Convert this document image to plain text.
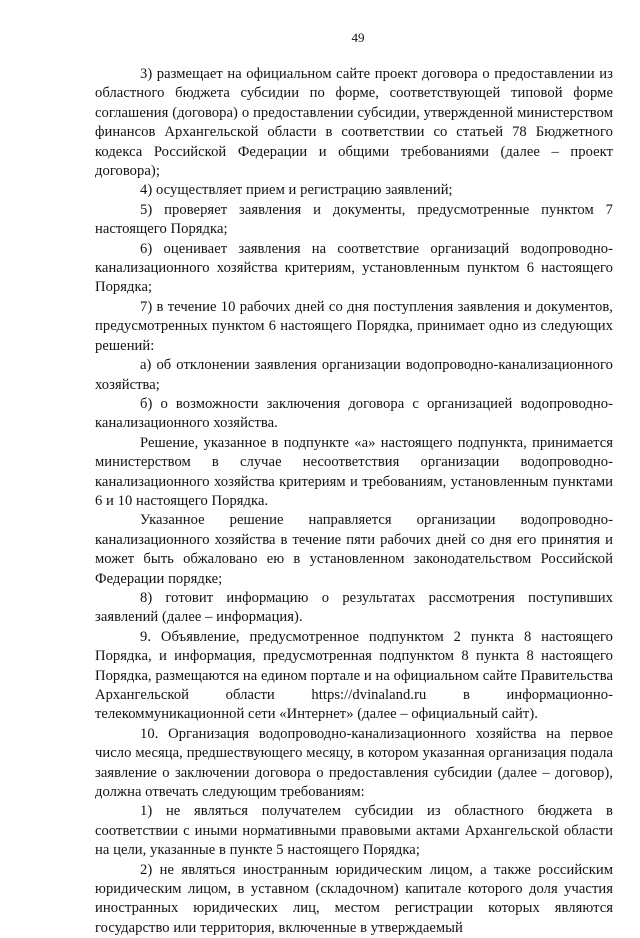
49

3) размещает на официальном сайте проект договора о предоставлении из областного бюджета субсидии по форме, соответствующей типовой форме соглашения (договора) о предоставлении субсидии, утвержденной министерством финансов Архангельской области в соответствии со статьей 78 Бюджетного кодекса Российской Федерации и общими требованиями (далее – проект договора);

4) осуществляет прием и регистрацию заявлений;

5) проверяет заявления и документы, предусмотренные пунктом 7 настоящего Порядка;

6) оценивает заявления на соответствие организаций водопроводно-канализационного хозяйства критериям, установленным пунктом 6 настоящего Порядка;

7) в течение 10 рабочих дней со дня поступления заявления и документов, предусмотренных пунктом 6 настоящего Порядка, принимает одно из следующих решений:

а) об отклонении заявления организации водопроводно-канализационного хозяйства;

б) о возможности заключения договора с организацией водопроводно-канализационного хозяйства.

Решение, указанное в подпункте «а» настоящего подпункта, принимается министерством в случае несоответствия организации водопроводно-канализационного хозяйства критериям и требованиям, установленным пунктами 6 и 10 настоящего Порядка.

Указанное решение направляется организации водопроводно-канализационного хозяйства в течение пяти рабочих дней со дня его принятия и может быть обжаловано ею в установленном законодательством Российской Федерации порядке;

8) готовит информацию о результатах рассмотрения поступивших заявлений (далее – информация).

9. Объявление, предусмотренное подпунктом 2 пункта 8 настоящего Порядка, и информация, предусмотренная подпунктом 8 пункта 8 настоящего Порядка, размещаются на едином портале и на официальном сайте Правительства Архангельской области https://dvinaland.ru в информационно-телекоммуникационной сети «Интернет» (далее – официальный сайт).

10. Организация водопроводно-канализационного хозяйства на первое число месяца, предшествующего месяцу, в котором указанная организация подала заявление о заключении договора о предоставления субсидии (далее – договор), должна отвечать следующим требованиям:

1) не являться получателем субсидии из областного бюджета в соответствии с иными нормативными правовыми актами Архангельской области на цели, указанные в пункте 5 настоящего Порядка;

2) не являться иностранным юридическим лицом, а также российским юридическим лицом, в уставном (складочном) капитале которого доля участия иностранных юридических лиц, местом регистрации которых являются государство или территория, включенные в утверждаемый
